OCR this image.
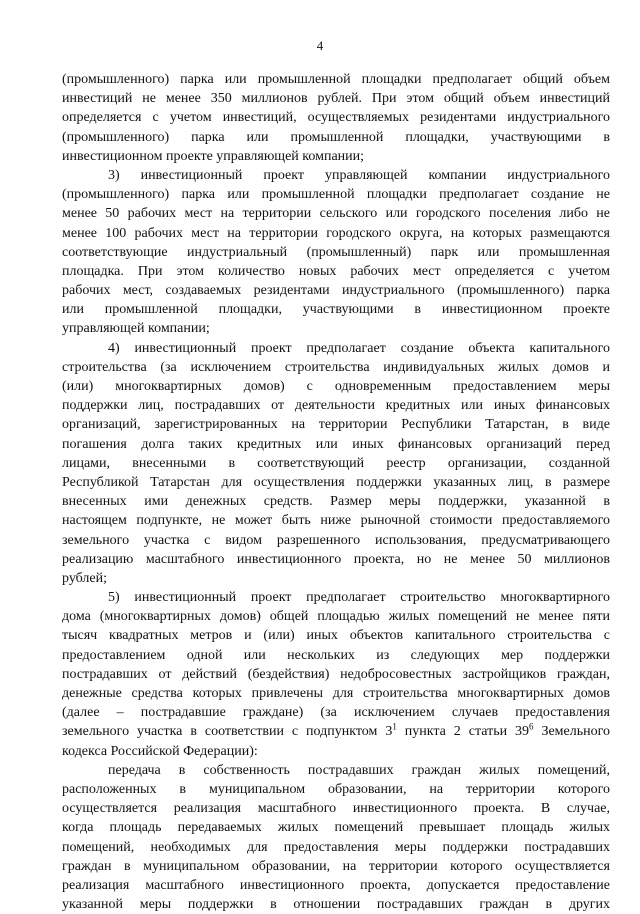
4
(промышленного) парка или промышленной площадки предполагает общий объем
инвестиций не менее 350 миллионов рублей. При этом общий объем инвестиций
определяется с учетом инвестиций, осуществляемых резидентами индустриального
(промышленного) парка или промышленной площадки, участвующими в
инвестиционном проекте управляющей компании;
3) инвестиционный проект управляющей компании индустриального
(промышленного) парка или промышленной площадки предполагает создание не
менее 50 рабочих мест на территории сельского или городского поселения либо не
менее 100 рабочих мест на территории городского округа, на которых размещаются
соответствующие индустриальный (промышленный) парк или промышленная
площадка. При этом количество новых рабочих мест определяется с учетом
рабочих мест, создаваемых резидентами индустриального (промышленного) парка
или промышленной площадки, участвующими в инвестиционном проекте
управляющей компании;
4) инвестиционный проект предполагает создание объекта капитального
строительства (за исключением строительства индивидуальных жилых домов и
(или) многоквартирных домов) с одновременным предоставлением меры
поддержки лиц, пострадавших от деятельности кредитных или иных финансовых
организаций, зарегистрированных на территории Республики Татарстан, в виде
погашения долга таких кредитных или иных финансовых организаций перед
лицами, внесенными в соответствующий реестр организации, созданной
Республикой Татарстан для осуществления поддержки указанных лиц, в размере
внесенных ими денежных средств. Размер меры поддержки, указанной в
настоящем подпункте, не может быть ниже рыночной стоимости предоставляемого
земельного участка с видом разрешенного использования, предусматривающего
реализацию масштабного инвестиционного проекта, но не менее 50 миллионов
рублей;
5) инвестиционный проект предполагает строительство многоквартирного
дома (многоквартирных домов) общей площадью жилых помещений не менее пяти
тысяч квадратных метров и (или) иных объектов капитального строительства с
предоставлением одной или нескольких из следующих мер поддержки
пострадавших от действий (бездействия) недобросовестных застройщиков граждан,
денежные средства которых привлечены для строительства многоквартирных домов
(далее – пострадавшие граждане) (за исключением случаев предоставления
земельного участка в соответствии с подпунктом $3^1$ пункта 2 статьи $39^6$ Земельного
кодекса Российской Федерации):
передача в собственность пострадавших граждан жилых помещений,
расположенных в муниципальном образовании, на территории которого
осуществляется реализация масштабного инвестиционного проекта. В случае,
когда площадь передаваемых жилых помещений превышает площадь жилых
помещений, необходимых для предоставления меры поддержки пострадавших
граждан в муниципальном образовании, на территории которого осуществляется
реализация масштабного инвестиционного проекта, допускается предоставление
указанной меры поддержки в отношении пострадавших граждан в других
